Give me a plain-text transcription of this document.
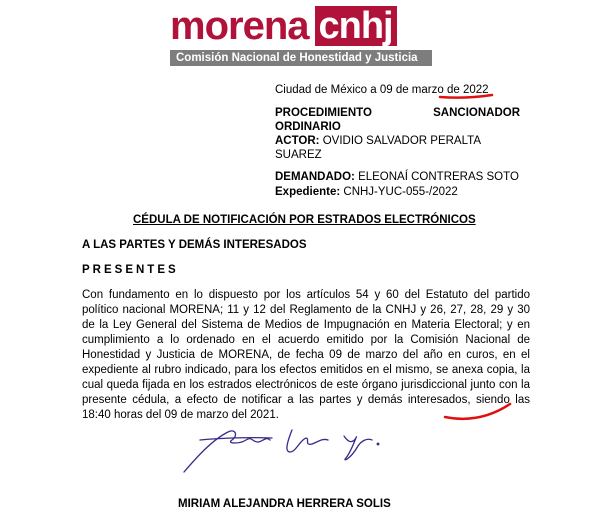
morena cnhj
Comisión Nacional de Honestidad y Justicia
Ciudad de México a 09 de marzo de 2022
PROCEDIMIENTO	SANCIONADOR
ORDINARIO
ACTOR: OVIDIO SALVADOR PERALTA SUAREZ
DEMANDADO: ELEONAÍ CONTRERAS SOTO
Expediente: CNHJ-YUC-055-/2022
CÉDULA DE NOTIFICACIÓN POR ESTRADOS ELECTRÓNICOS
A LAS PARTES Y DEMÁS INTERESADOS
PRESENTES
Con fundamento en lo dispuesto por los artículos 54 y 60 del Estatuto del partido político nacional MORENA; 11 y 12 del Reglamento de la CNHJ y 26, 27, 28, 29 y 30 de la Ley General del Sistema de Medios de Impugnación en Materia Electoral; y en cumplimiento a lo ordenado en el acuerdo emitido por la Comisión Nacional de Honestidad y Justicia de MORENA, de fecha 09 de marzo del año en curos, en el expediente al rubro indicado, para los efectos emitidos en el mismo, se anexa copia, la cual queda fijada en los estrados electrónicos de este órgano jurisdiccional junto con la presente cédula, a efecto de notificar a las partes y demás interesados, siendo las 18:40 horas del 09 de marzo del 2021.
MIRIAM ALEJANDRA HERRERA SOLIS
